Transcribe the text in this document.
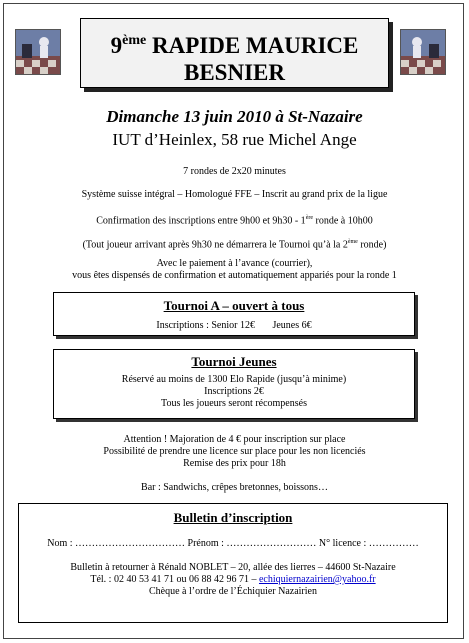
9ème RAPIDE MAURICE
BESNIER
Dimanche 13 juin 2010 à St-Nazaire
IUT d’Heinlex, 58 rue Michel Ange
7 rondes de 2x20 minutes
Système suisse intégral – Homologué FFE – Inscrit au grand prix de la ligue
Confirmation des inscriptions entre 9h00 et 9h30 - 1ère ronde à 10h00
(Tout joueur arrivant après 9h30 ne démarrera le Tournoi qu’à la 2ème ronde)
Avec le paiement à l’avance (courrier),
vous êtes dispensés de confirmation et automatiquement appariés pour la ronde 1
Tournoi A – ouvert à tous
Inscriptions : Senior 12€       Jeunes 6€
Tournoi Jeunes
Réservé au moins de 1300 Elo Rapide (jusqu’à minime)
Inscriptions 2€
Tous les joueurs seront récompensés
Attention ! Majoration de 4 € pour inscription sur place
Possibilité de prendre une licence sur place pour les non licenciés
Remise des prix pour 18h
Bar : Sandwichs, crêpes bretonnes, boissons…
Bulletin d’inscription
Nom : …………………………… Prénom : ……………………… N° licence : ……………
Bulletin à retourner à Rénald NOBLET – 20, allée des lierres – 44600 St-Nazaire
Tél. : 02 40 53 41 71 ou 06 88 42 96 71 – echiquiernazairien@yahoo.fr
Chèque à l’ordre de l’Échiquier Nazairien
